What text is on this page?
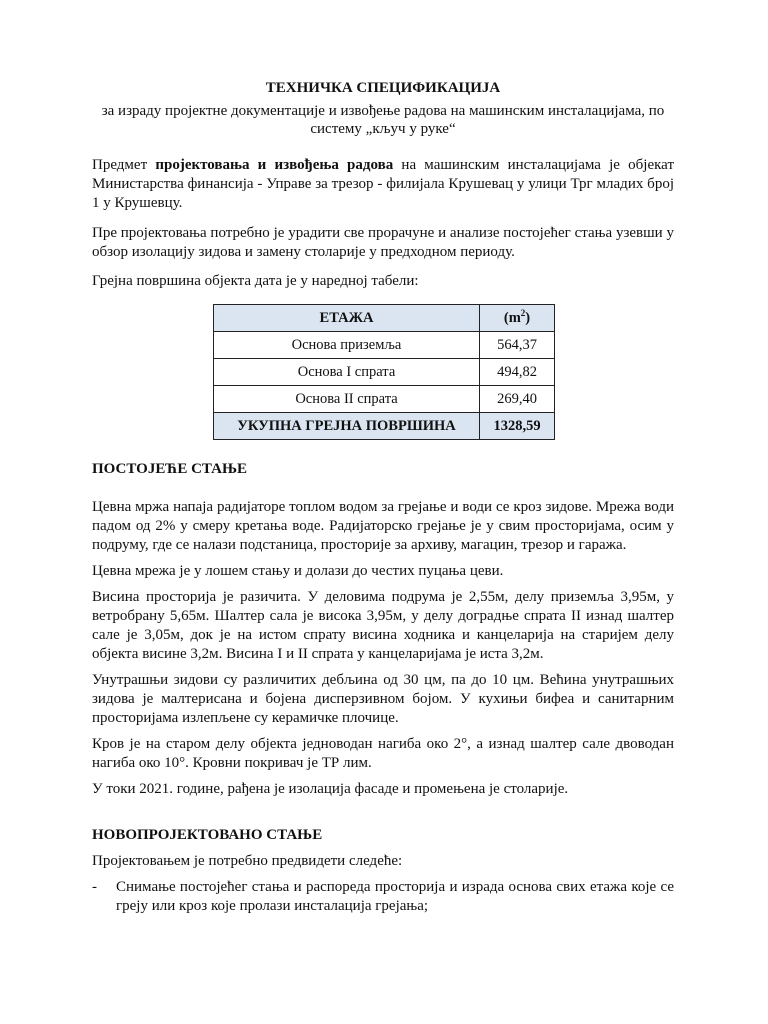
ТЕХНИЧКА СПЕЦИФИКАЦИЈА

за израду пројектне документације и извођење радова на машинским инсталацијама, по систему „кључ у руке“

Предмет пројектовања и извођења радова на машинским инсталацијама је објекат Министарства финансија - Управе за трезор - филијала Крушевац у улици Трг младих број 1 у Крушевцу.

Пре пројектовања потребно је урадити све прорачуне и анализе постојећег стања узевши у обзор изолацију зидова и замену столарије у предходном периоду.

Грејна површина објекта дата је у наредној табели:

ЕТАЖА	$(m^2)$
Основа приземља	564,37
Основа I спрата	494,82
Основа II спрата	269,40
УКУПНА ГРЕЈНА ПОВРШИНА	1328,59

ПОСТОЈЕЋЕ СТАЊЕ

Цевна мржа напаја радијаторе топлом водом за грејање и води се кроз зидове. Мрежа води падом од 2% у смеру кретања воде. Радијаторско грејање је у свим просторијама, осим у подруму, где се налази подстаница, просторије за архиву, магацин, трезор и гаража.

Цевна мрежа је у лошем стању и долази до честих пуцања цеви.

Висина просторија је разичита. У деловима подрума је 2,55м, делу приземља 3,95м, у ветробрану 5,65м. Шалтер сала је висока 3,95м, у делу доградње спрата II изнад шалтер сале је 3,05м, док је на истом спрату висина ходника и канцеларија на старијем делу објекта висине 3,2м. Висина I и II спрата у канцеларијама је иста 3,2м.

Унутрашњи зидови су различитих дебљина од 30 цм, па до 10 цм. Већина унутрашњих зидова је малтерисана и бојена дисперзивном бојом. У кухињи бифеа и санитарним просторијама излепљене су керамичке плочице.

Кров је на старом делу објекта једноводан нагиба око 2°, а изнад шалтер сале двоводан нагиба око 10°. Кровни покривач је ТР лим.

У токи 2021. године, рађена је изолација фасаде и промењена је столарије.

НОВОПРОЈЕКТОВАНО СТАЊЕ

Пројектовањем је потребно предвидети следеће:

-	Снимање постојећег стања и распореда просторија и израда основа свих етажа које се греју или кроз које пролази инсталација грејања;
